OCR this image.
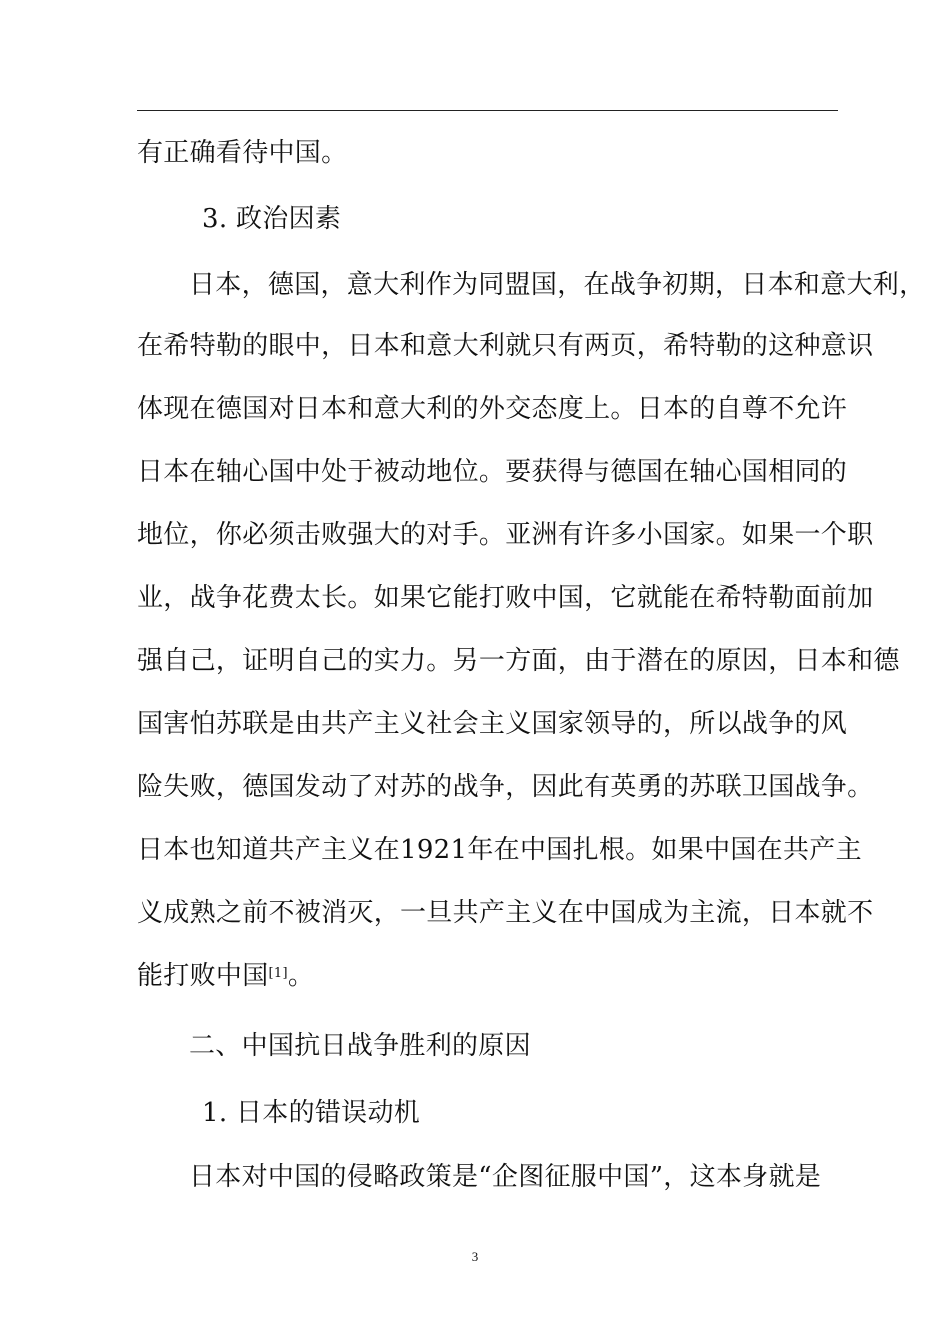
有正确看待中国。
3. 政治因素
日本，德国，意大利作为同盟国，在战争初期，日本和意大利，
在希特勒的眼中，日本和意大利就只有两页，希特勒的这种意识
体现在德国对日本和意大利的外交态度上。日本的自尊不允许
日本在轴心国中处于被动地位。要获得与德国在轴心国相同的
地位，你必须击败强大的对手。亚洲有许多小国家。如果一个职
业，战争花费太长。如果它能打败中国，它就能在希特勒面前加
强自己，证明自己的实力。另一方面，由于潜在的原因，日本和德
国害怕苏联是由共产主义社会主义国家领导的，所以战争的风
险失败，德国发动了对苏的战争，因此有英勇的苏联卫国战争。
日本也知道共产主义在1921年在中国扎根。如果中国在共产主
义成熟之前不被消灭，一旦共产主义在中国成为主流，日本就不
能打败中国[1]。
二、中国抗日战争胜利的原因
1. 日本的错误动机
日本对中国的侵略政策是“企图征服中国”，这本身就是
3
